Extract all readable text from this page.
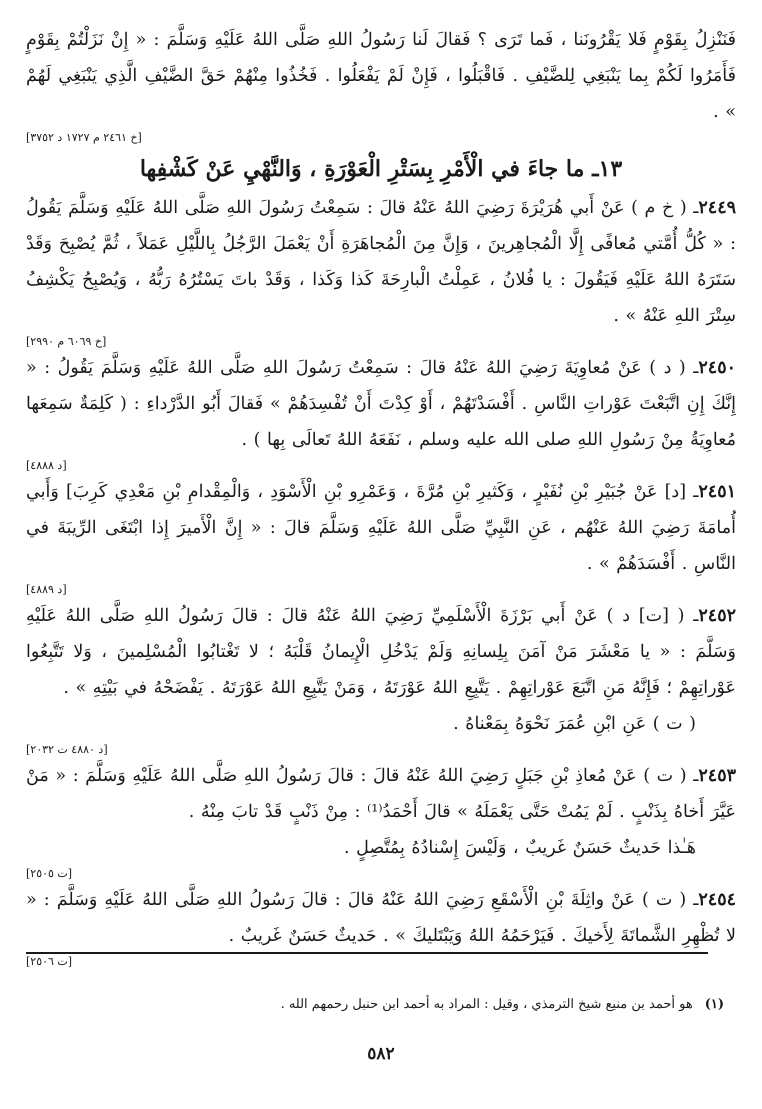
فَنَنْزِلُ بِقَوْمٍ فَلا يَقْرُونَنا ، فَما تَرَى ؟ فَقالَ لَنا رَسُولُ اللهِ صَلَّى اللهُ عَلَيْهِ وَسَلَّمَ : « إِنْ نَزَلْتُمْ بِقَوْمٍ فَأَمَرُوا لَكُمْ بِما يَنْبَغِي لِلضَّيْفِ . فَاقْبَلُوا ، فَإِنْ لَمْ يَفْعَلُوا . فَخُذُوا مِنْهُمْ حَقَّ الضَّيْفِ الَّذِي يَنْبَغِي لَهُمْ » .

[خ ٢٤٦١ م ١٧٢٧ د ٣٧٥٢]
١٣ـ ما جاءَ في الْأَمْرِ بِسَتْرِ الْعَوْرَةِ ، وَالنَّهْيِ عَنْ كَشْفِها

٢٤٤٩ـ ( خ م ) عَنْ أَبي هُرَيْرَةَ رَضِيَ اللهُ عَنْهُ قالَ : سَمِعْتُ رَسُولَ اللهِ صَلَّى اللهُ عَلَيْهِ وَسَلَّمَ يَقُولُ : « كُلُّ أُمَّتي مُعافًى إِلَّا الْمُجاهِرينَ ، وَإِنَّ مِنَ الْمُجاهَرَةِ أَنْ يَعْمَلَ الرَّجُلُ بِاللَّيْلِ عَمَلاً ، ثُمَّ يُصْبِحَ وَقَدْ سَتَرَهُ اللهُ عَلَيْهِ فَيَقُولَ : يا فُلانُ ، عَمِلْتُ الْبارِحَةَ كَذا وَكَذا ، وَقَدْ باتَ يَسْتُرُهُ رَبُّهُ ، وَيُصْبِحُ يَكْشِفُ سِتْرَ اللهِ عَنْهُ » .

[خ ٦٠٦٩ م ٢٩٩٠]

٢٤٥٠ـ ( د ) عَنْ مُعاوِيَةَ رَضِيَ اللهُ عَنْهُ قالَ : سَمِعْتُ رَسُولَ اللهِ صَلَّى اللهُ عَلَيْهِ وَسَلَّمَ يَقُولُ : « إِنَّكَ إِنِ اتَّبَعْتَ عَوْراتِ النَّاسِ . أَفْسَدْتَهُمْ ، أَوْ كِدْتَ أَنْ تُفْسِدَهُمْ » فَقالَ أَبُو الدَّرْداءِ : ( كَلِمَةٌ سَمِعَها مُعاوِيَةُ مِنْ رَسُولِ اللهِ صلى الله عليه وسلم ، نَفَعَهُ اللهُ تَعالَى بِها ) .

[د ٤٨٨٨]

٢٤٥١ـ [د] عَنْ جُبَيْرِ بْنِ نُفَيْرٍ ، وَكَثيرِ بْنِ مُرَّةَ ، وَعَمْرِو بْنِ الْأَسْوَدِ ، وَالْمِقْدامِ بْنِ مَعْدِي كَرِبَ] وَأَبي أُمامَةَ رَضِيَ اللهُ عَنْهُم ، عَنِ النَّبِيِّ صَلَّى اللهُ عَلَيْهِ وَسَلَّمَ قالَ : « إِنَّ الْأَميرَ إِذا ابْتَغَى الرِّيبَةَ في النَّاسِ . أَفْسَدَهُمْ » .

[د ٤٨٨٩]

٢٤٥٢ـ ( [ت] د ) عَنْ أَبي بَرْزَةَ الْأَسْلَمِيِّ رَضِيَ اللهُ عَنْهُ قالَ : قالَ رَسُولُ اللهِ صَلَّى اللهُ عَلَيْهِ وَسَلَّمَ : « يا مَعْشَرَ مَنْ آمَنَ بِلِسانِهِ وَلَمْ يَدْخُلِ الْإِيمانُ قَلْبَهُ ؛ لا تَغْتابُوا الْمُسْلِمينَ ، وَلا تَتَّبِعُوا عَوْراتِهِمْ ؛ فَإِنَّهُ مَنِ اتَّبَعَ عَوْراتِهِمْ . يَتَّبِعِ اللهُ عَوْرَتَهُ ، وَمَنْ يَتَّبِعِ اللهُ عَوْرَتَهُ . يَفْضَحْهُ في بَيْتِهِ » .

( ت ) عَنِ ابْنِ عُمَرَ نَحْوَهُ بِمَعْناهُ .

[د ٤٨٨٠ ت ٢٠٣٢]

٢٤٥٣ـ ( ت ) عَنْ مُعاذِ بْنِ جَبَلٍ رَضِيَ اللهُ عَنْهُ قالَ : قالَ رَسُولُ اللهِ صَلَّى اللهُ عَلَيْهِ وَسَلَّمَ : « مَنْ عَيَّرَ أَخاهُ بِذَنْبٍ . لَمْ يَمُتْ حَتَّى يَعْمَلَهُ » قالَ أَحْمَدُ⁽¹⁾ : مِنْ ذَنْبٍ قَدْ تابَ مِنْهُ .

هَـٰذا حَديثٌ حَسَنٌ غَريبٌ ، وَلَيْسَ إِسْنادُهُ بِمُتَّصِلٍ .

[ت ٢٥٠٥]

٢٤٥٤ـ ( ت ) عَنْ واثِلَةَ بْنِ الْأَسْقَعِ رَضِيَ اللهُ عَنْهُ قالَ : قالَ رَسُولُ اللهِ صَلَّى اللهُ عَلَيْهِ وَسَلَّمَ : « لا تُظْهِرِ الشَّماتَةَ لِأَخيكَ . فَيَرْحَمُهُ اللهُ وَيَبْتَليكَ » . حَديثٌ حَسَنٌ غَريبٌ .

[ت ٢٥٠٦]
(١)هو أحمد بن منيع شيخ الترمذي ، وقيل : المراد به أحمد ابن حنبل رحمهم الله .
٥٨٢
